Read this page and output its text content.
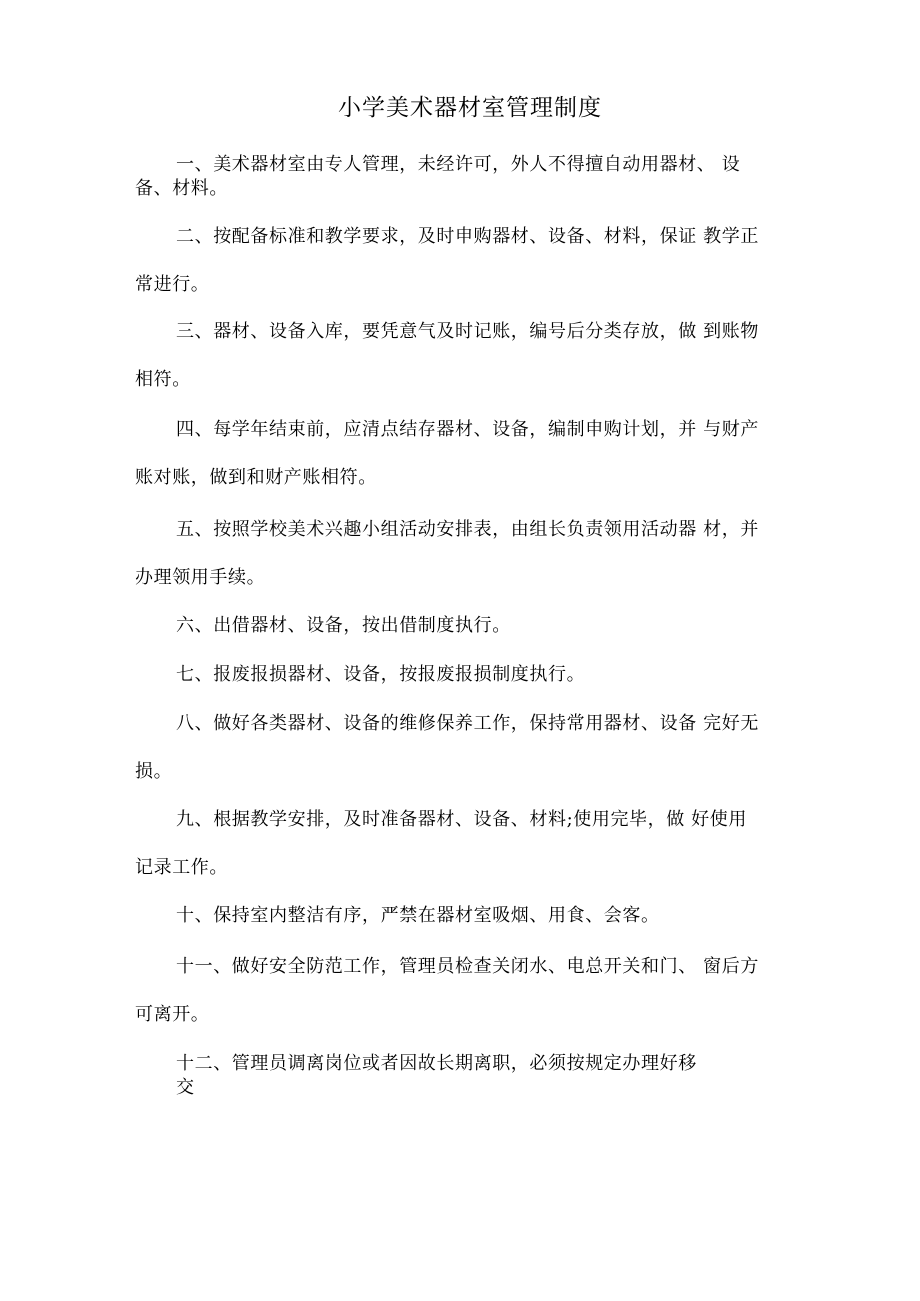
小学美术器材室管理制度
一、美术器材室由专人管理，未经许可，外人不得擅自动用器材、 设
备、材料。
二、按配备标准和教学要求，及时申购器材、设备、材料，保证 教学正
常进行。
三、器材、设备入库，要凭意气及时记账，编号后分类存放，做 到账物
相符。
四、每学年结束前，应清点结存器材、设备，编制申购计划，并 与财产
账对账，做到和财产账相符。
五、按照学校美术兴趣小组活动安排表，由组长负责领用活动器 材，并
办理领用手续。
六、出借器材、设备，按出借制度执行。
七、报废报损器材、设备，按报废报损制度执行。
八、做好各类器材、设备的维修保养工作，保持常用器材、设备 完好无
损。
九、根据教学安排，及时准备器材、设备、材料;使用完毕，做 好使用
记录工作。
十、保持室内整洁有序，严禁在器材室吸烟、用食、会客。
十一、做好安全防范工作，管理员检查关闭水、电总开关和门、 窗后方
可离开。
十二、管理员调离岗位或者因故长期离职，必须按规定办理好移
交
